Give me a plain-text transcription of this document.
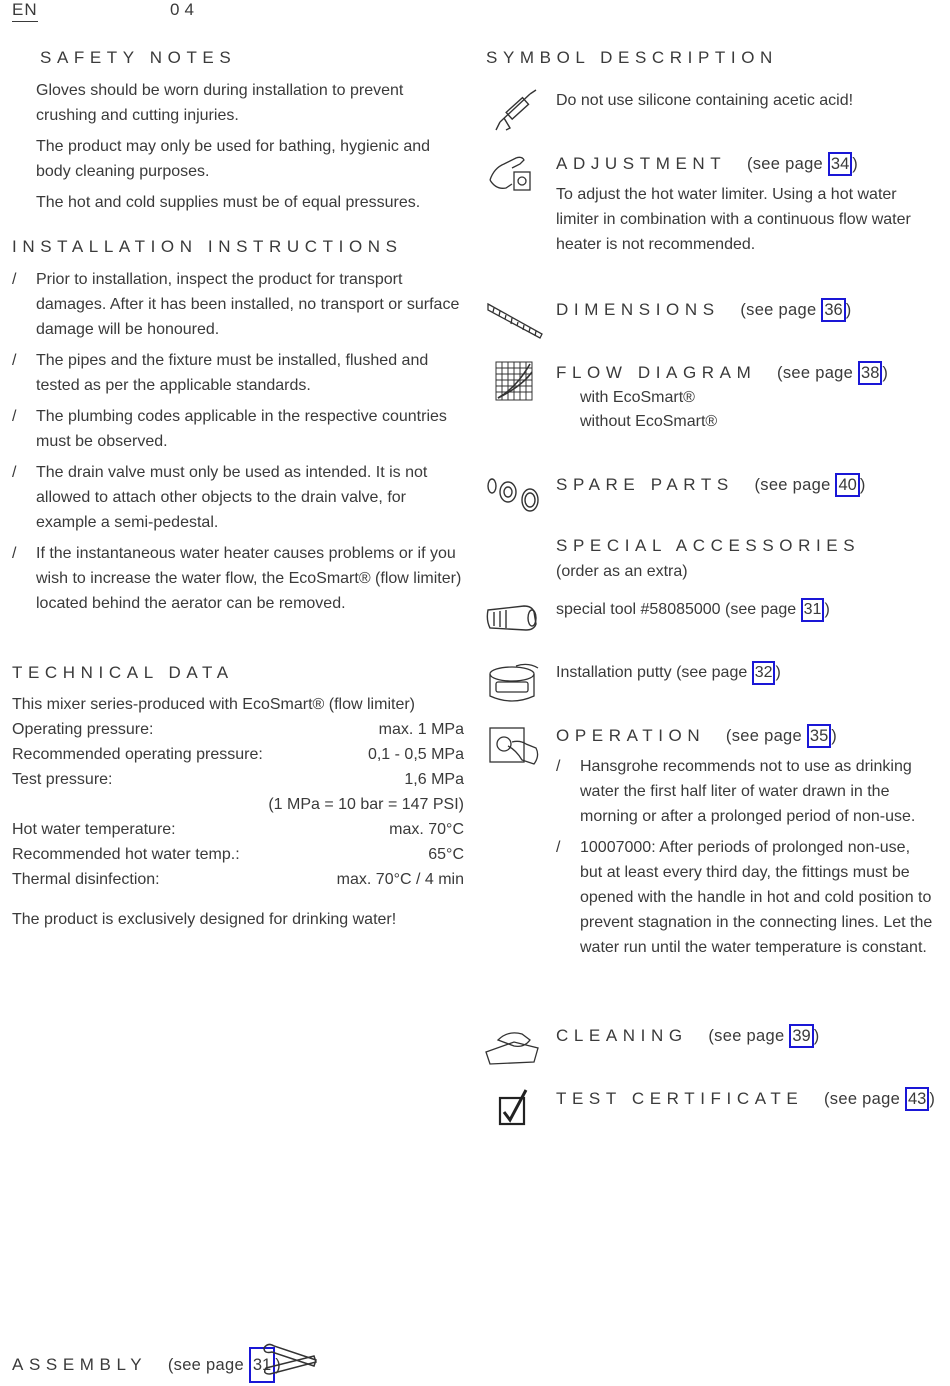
EN	04
SAFETY NOTES

Gloves should be worn during installation to prevent crushing and cutting injuries.

The product may only be used for bathing, hygienic and body cleaning purposes.

The hot and cold supplies must be of equal pressures.

INSTALLATION INSTRUCTIONS
/ Prior to installation, inspect the product for transport damages. After it has been installed, no transport or surface damage will be honoured.
/ The pipes and the fixture must be installed, flushed and tested as per the applicable standards.
/ The plumbing codes applicable in the respective countries must be observed.
/ The drain valve must only be used as intended. It is not allowed to attach other objects to the drain valve, for example a semi-pedestal.
/ If the instantaneous water heater causes problems or if you wish to increase the water flow, the EcoSmart® (flow limiter) located behind the aerator can be removed.
TECHNICAL DATA
This mixer series-produced with EcoSmart® (flow limiter)
Operating pressure:	max. 1 MPa
Recommended operating pressure:	0,1 - 0,5 MPa
Test pressure:	1,6 MPa
(1 MPa = 10 bar = 147 PSI)
Hot water temperature:	max. 70°C
Recommended hot water temp.:	65°C
Thermal disinfection:	max. 70°C / 4 min
The product is exclusively designed for drinking water!
SYMBOL DESCRIPTION
Do not use silicone containing acetic acid!
ADJUSTMENT (see page 34 )
To adjust the hot water limiter. Using a hot water limiter in combination with a continuous flow water heater is not recommended.
DIMENSIONS (see page 36 )
FLOW DIAGRAM (see page 38 )
with EcoSmart®
without EcoSmart®
SPARE PARTS (see page 40 )
SPECIAL ACCESSORIES
(order as an extra)
special tool #58085000 (see page 31 )
Installation putty (see page 32 )
OPERATION (see page 35 )
/ Hansgrohe recommends not to use as drinking water the first half liter of water drawn in the morning or after a prolonged period of non-use.
/ 10007000: After periods of prolonged non-use, but at least every third day, the fittings must be opened with the handle in hot and cold position to prevent stagnation in the connecting lines. Let the water run until the water temperature is constant.
CLEANING (see page 39 )
TEST CERTIFICATE (see page 43 )
ASSEMBLY (see page 31 )
